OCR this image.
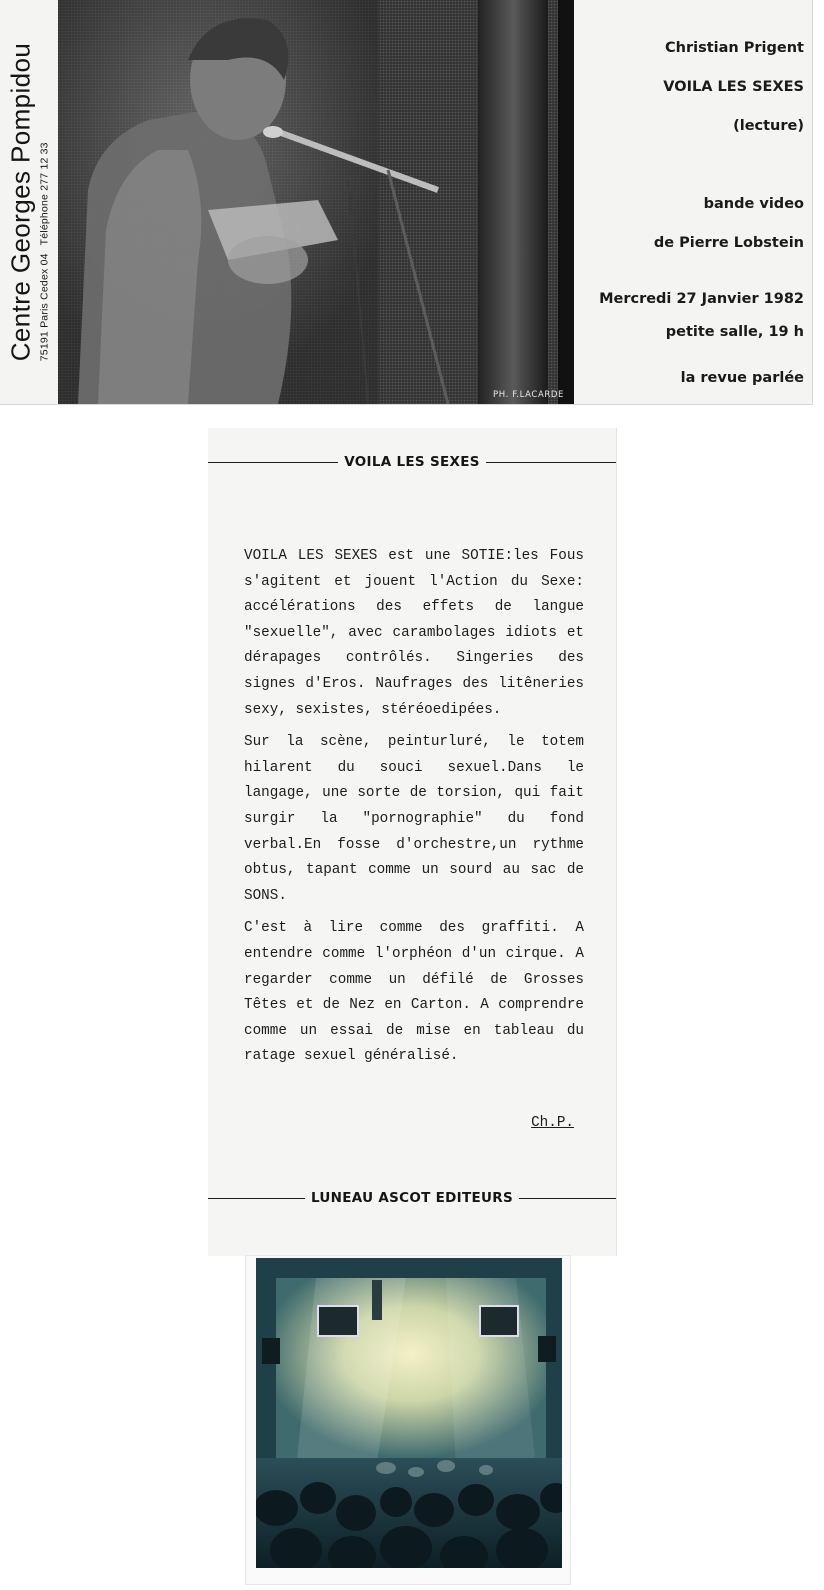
Centre Georges Pompidou 75191 Paris Cedex 04Téléphone 277 12 33
PH. F.LACARDE
Christian Prigent
VOILA LES SEXES
(lecture)
bande video
de Pierre Lobstein
Mercredi 27 Janvier 1982
petite salle, 19 h
la revue parlée
VOILA LES SEXES

VOILA LES SEXES est une SOTIE:les Fous s'agitent et jouent l'Action du Sexe: accélérations des effets de langue "sexuelle", avec carambolages idiots et dérapages contrôlés. Singeries des signes d'Eros. Naufrages des litêneries sexy, sexistes, stéréoedipées.

Sur la scène, peinturluré, le totem hilarent du souci sexuel.Dans le langage, une sorte de torsion, qui fait surgir la "pornographie" du fond verbal.En fosse d'orchestre,un rythme obtus, tapant comme un sourd au sac de SONS.

C'est à lire comme des graffiti. A entendre comme l'orphéon d'un cirque. A regarder comme un défilé de Grosses Têtes et de Nez en Carton. A comprendre comme un essai de mise en tableau du ratage sexuel généralisé.

Ch.P.
LUNEAU ASCOT EDITEURS
